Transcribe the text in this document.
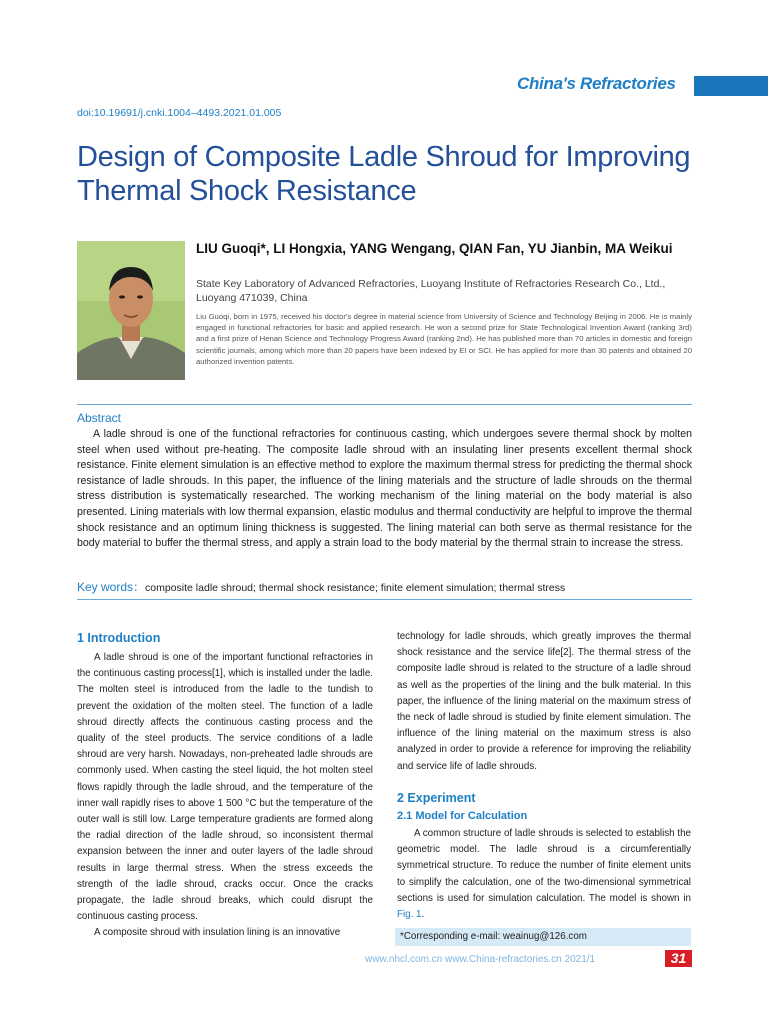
China's Refractories
doi:10.19691/j.cnki.1004–4493.2021.01.005
Design of Composite Ladle Shroud for Improving Thermal Shock Resistance
LIU Guoqi*, LI Hongxia, YANG Wengang, QIAN Fan, YU Jianbin, MA Weikui
State Key Laboratory of Advanced Refractories, Luoyang Institute of Refractories Research Co., Ltd., Luoyang 471039, China
Liu Guoqi, born in 1975, received his doctor's degree in material science from University of Science and Technology Beijing in 2006. He is mainly engaged in functional refractories for basic and applied research. He won a second prize for State Technological Invention Award (ranking 3rd) and a first prize of Henan Science and Technology Progress Award (ranking 2nd). He has published more than 70 articles in domestic and foreign scientific journals, among which more than 20 papers have been indexed by EI or SCI. He has applied for more than 30 patents and obtained 20 authorized invention patents.
Abstract
A ladle shroud is one of the functional refractories for continuous casting, which undergoes severe thermal shock by molten steel when used without pre-heating. The composite ladle shroud with an insulating liner presents excellent thermal shock resistance. Finite element simulation is an effective method to explore the maximum thermal stress for predicting the thermal shock resistance of ladle shrouds. In this paper, the influence of the lining materials and the structure of ladle shrouds on the thermal stress distribution is systematically researched. The working mechanism of the lining material on the body material is also presented. Lining materials with low thermal expansion, elastic modulus and thermal conductivity are helpful to improve the thermal shock resistance and an optimum lining thickness is suggested. The lining material can both serve as thermal resistance for the body material to buffer the thermal stress, and apply a strain load to the body material by the thermal strain to increase the stress.
Key words：composite ladle shroud; thermal shock resistance; finite element simulation; thermal stress
1 Introduction

A ladle shroud is one of the important functional refractories in the continuous casting process[1], which is installed under the ladle. The molten steel is introduced from the ladle to the tundish to prevent the oxidation of the molten steel. The function of a ladle shroud directly affects the continuous casting process and the quality of the steel products. The service conditions of a ladle shroud are very harsh. Nowadays, non-preheated ladle shrouds are commonly used. When casting the steel liquid, the hot molten steel flows rapidly through the ladle shroud, and the temperature of the inner wall rapidly rises to above 1 500 °C but the temperature of the outer wall is still low. Large temperature gradients are formed along the radial direction of the ladle shroud, so inconsistent thermal expansion between the inner and outer layers of the ladle shroud results in large thermal stress. When the stress exceeds the strength of the ladle shroud, cracks occur. Once the cracks propagate, the ladle shroud breaks, which could disrupt the continuous casting process.

A composite shroud with insulation lining is an innovative

technology for ladle shrouds, which greatly improves the thermal shock resistance and the service life[2]. The thermal stress of the composite ladle shroud is related to the structure of a ladle shroud as well as the properties of the lining and the bulk material. In this paper, the influence of the lining material on the maximum stress of the neck of ladle shroud is studied by finite element simulation. The influence of the lining material on the maximum stress is also analyzed in order to provide a reference for improving the reliability and service life of ladle shrouds.

2 Experiment
2.1 Model for Calculation

A common structure of ladle shrouds is selected to establish the geometric model. The ladle shroud is a circumferentially symmetrical structure. To reduce the number of finite element units to simplify the calculation, one of the two-dimensional symmetrical sections is used for simulation calculation. The model is shown in Fig. 1.

*Corresponding e-mail: weainug@126.com
www.nhcl.com.cn www.China-refractories.cn 2021/1	31
